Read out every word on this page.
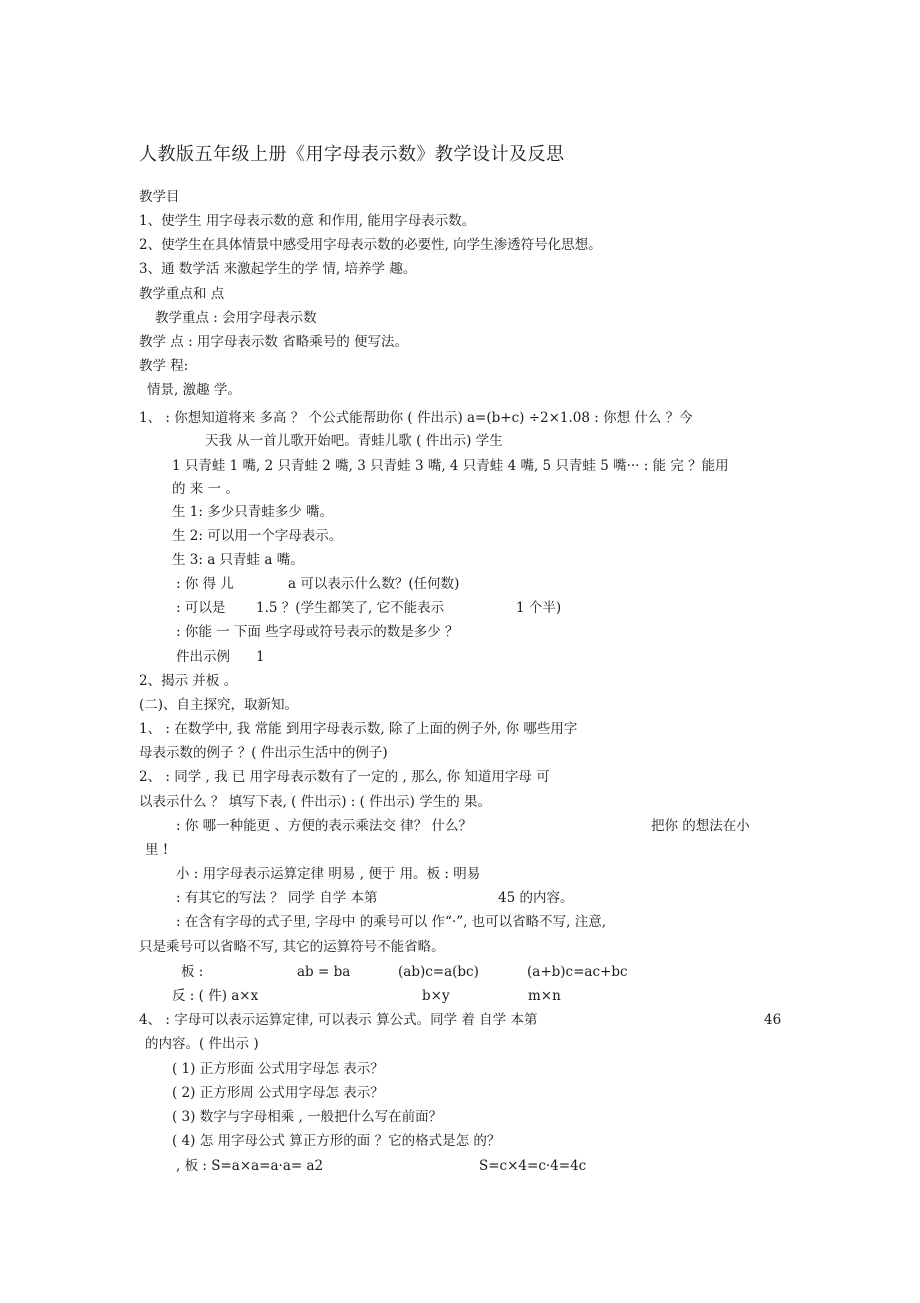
人教版五年级上册《用字母表示数》教学设计及反思
教学目
1、使学生 用字母表示数的意 和作用, 能用字母表示数。
2、使学生在具体情景中感受用字母表示数的必要性, 向学生渗透符号化思想。
3、通 数学活 来激起学生的学 情, 培养学 趣。
教学重点和 点
教学重点 : 会用字母表示数
教学 点 : 用字母表示数 省略乘号的 便写法。
教学 程:
情景, 激趣 学。
1、 : 你想知道将来 多高 ？ 个公式能帮助你 ( 件出示) a=(b+c) ÷2×1.08 : 你想 什么 ？今
天我 从一首儿歌开始吧。青蛙儿歌 ( 件出示) 学生
1 只青蛙 1 嘴, 2 只青蛙 2 嘴, 3 只青蛙 3 嘴, 4 只青蛙 4 嘴, 5 只青蛙 5 嘴··· : 能 完 ？能用
的 来 一 。
生 1: 多少只青蛙多少 嘴。
生 2: 可以用一个字母表示。
生 3: a 只青蛙 a 嘴。
: 你 得 儿	a 可以表示什么数？(任何数)
: 可以是 1.5 ？(学生都笑了, 它不能表示	1 个半)
: 你能 一 下面 些字母或符号表示的数是多少 ？
件出示例 1
2、揭示 并板 。
(二)、自主探究，取新知。
1、 : 在数学中, 我 常能 到用字母表示数, 除了上面的例子外, 你 哪些用字
母表示数的例子 ？( 件出示生活中的例子)
2、 : 同学 , 我 已 用字母表示数有了一定的 , 那么, 你 知道用字母 可
以表示什么 ？ 填写下表, ( 件出示) : ( 件出示) 学生的 果。
: 你 哪一种能更 、方便的表示乘法交 律？ 什么？	把你 的想法在小
里 !
小 : 用字母表示运算定律 明易 , 便于 用。板 : 明易
: 有其它的写法 ？ 同学 自学 本第	45 的内容。
: 在含有字母的式子里, 字母中 的乘号可以 作“·”, 也可以省略不写, 注意,
只是乘号可以省略不写, 其它的运算符号不能省略。
板 :	ab = ba	(ab)c=a(bc)	(a+b)c=ac+bc
反 : ( 件) a×x	b×y	m×n
4、 : 字母可以表示运算定律, 可以表示 算公式。同学 着 自学 本第	46
的内容。( 件出示 )
( 1) 正方形面 公式用字母怎 表示？
( 2) 正方形周 公式用字母怎 表示？
( 3) 数字与字母相乘 , 一般把什么写在前面？
( 4) 怎 用字母公式 算正方形的面 ？它的格式是怎 的？
, 板 : S=a×a=a·a= a2	S=c×4=c·4=4c
